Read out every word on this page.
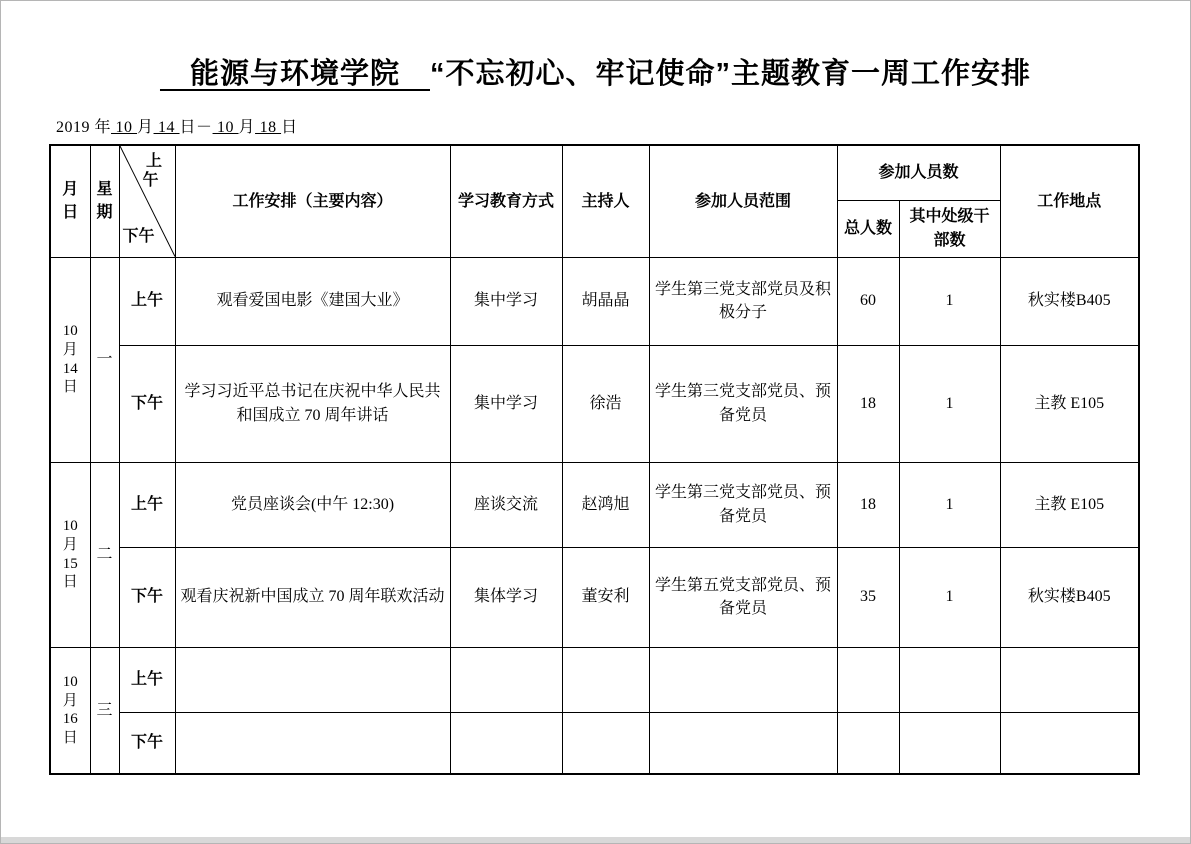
　能源与环境学院　“不忘初心、牢记使命”主题教育一周工作安排
2019 年 10 月 14 日－ 10 月 18 日
月日	星期	上
午
下午	工作安排（主要内容）	学习教育方式	主持人	参加人员范围	参加人员数		工作地点
							总人数	其中处级干部数	

10
月
14
日	一	上午	观看爱国电影《建国大业》	集中学习	胡晶晶	学生第三党支部党员及积极分子	60	1	秋实楼B405
		下午	学习习近平总书记在庆祝中华人民共和国成立 70 周年讲话	集中学习	徐浩	学生第三党支部党员、预备党员	18	1	主教 E105

10
月
15
日	二	上午	党员座谈会(中午 12:30)	座谈交流	赵鸿旭	学生第三党支部党员、预备党员	18	1	主教 E105
		下午	观看庆祝新中国成立 70 周年联欢活动	集体学习	董安利	学生第五党支部党员、预备党员	35	1	秋实楼B405

10
月
16
日	三	上午							
		下午							
